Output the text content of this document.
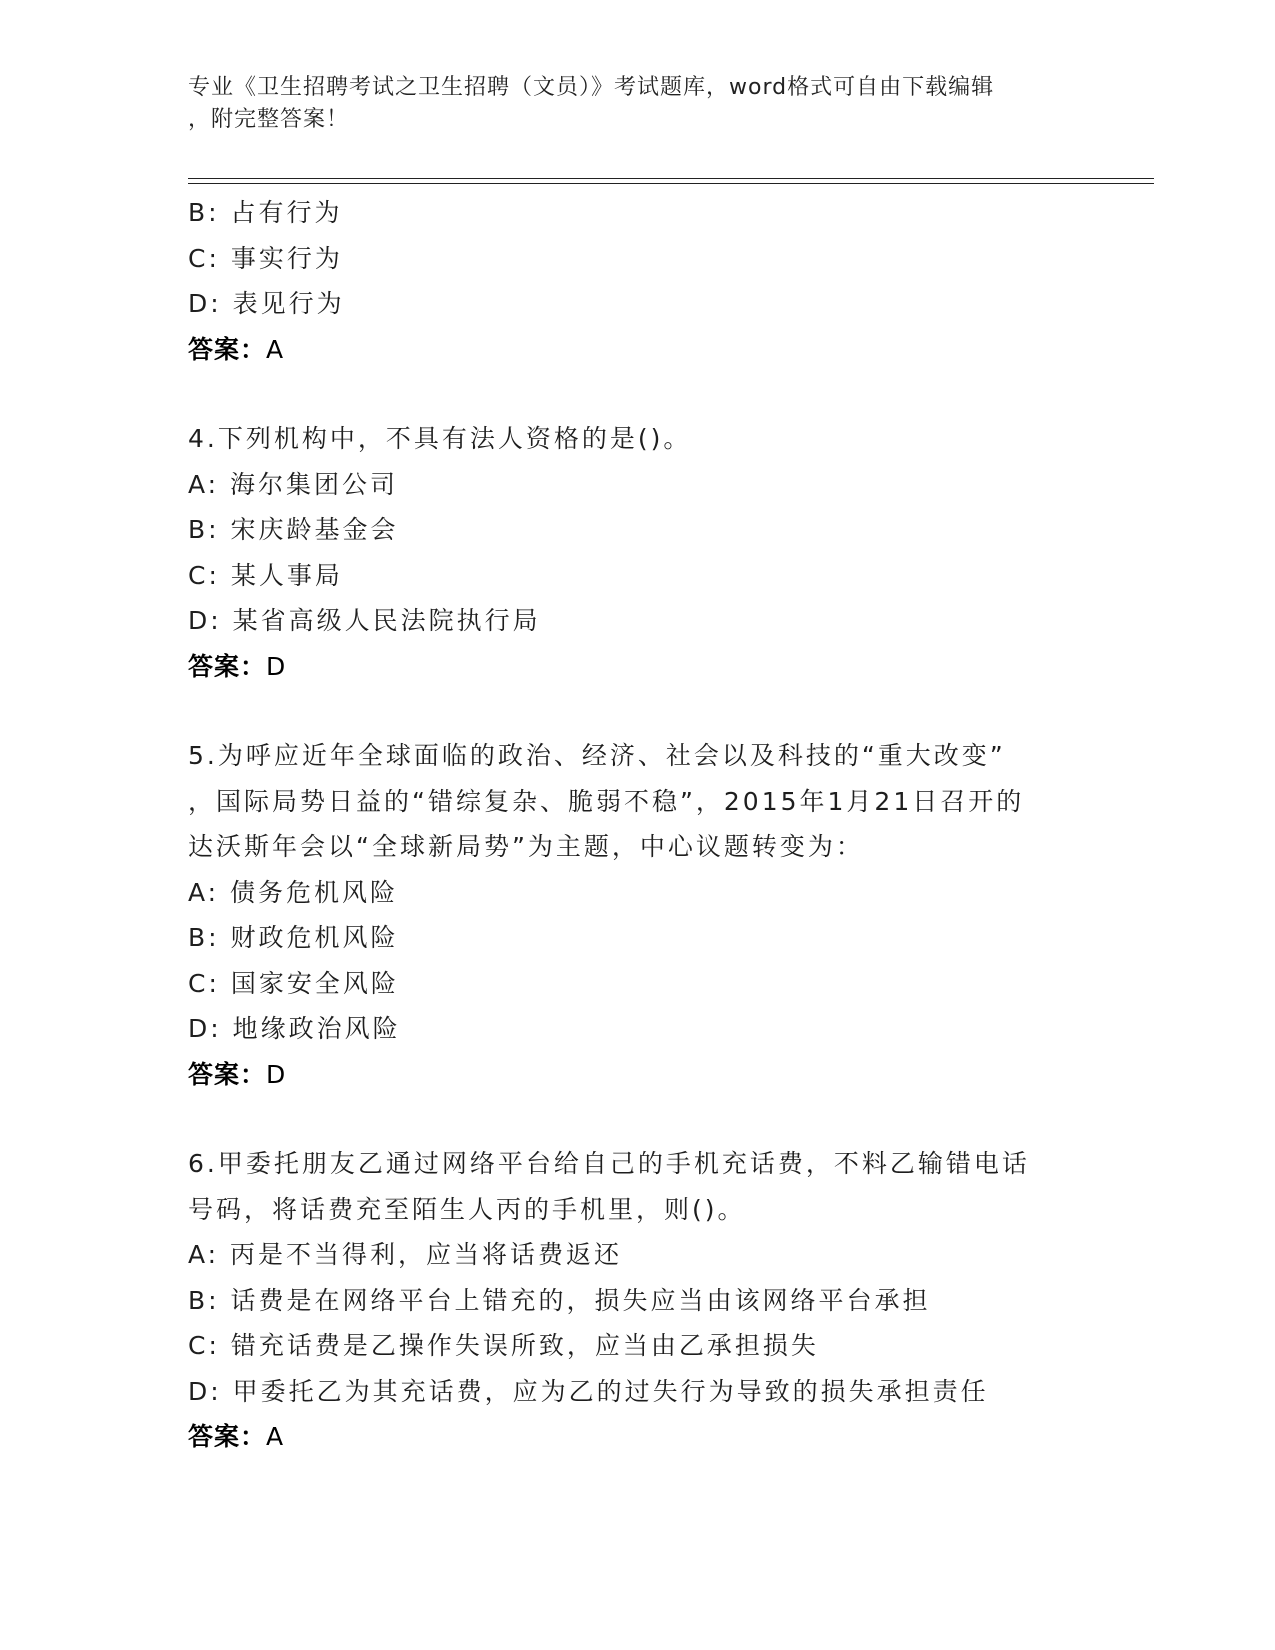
专业《卫生招聘考试之卫生招聘（文员）》考试题库，word格式可自由下载编辑
，附完整答案！
B: 占有行为
C: 事实行为
D: 表见行为
答案：A
4.下列机构中，不具有法人资格的是()。
A: 海尔集团公司
B: 宋庆龄基金会
C: 某人事局
D: 某省高级人民法院执行局
答案：D
5.为呼应近年全球面临的政治、经济、社会以及科技的“重大改变”
，国际局势日益的“错综复杂、脆弱不稳”，2015年1月21日召开的
达沃斯年会以“全球新局势”为主题，中心议题转变为：
A: 债务危机风险
B: 财政危机风险
C: 国家安全风险
D: 地缘政治风险
答案：D
6.甲委托朋友乙通过网络平台给自己的手机充话费，不料乙输错电话
号码，将话费充至陌生人丙的手机里，则()。
A: 丙是不当得利，应当将话费返还
B: 话费是在网络平台上错充的，损失应当由该网络平台承担
C: 错充话费是乙操作失误所致，应当由乙承担损失
D: 甲委托乙为其充话费，应为乙的过失行为导致的损失承担责任
答案：A
